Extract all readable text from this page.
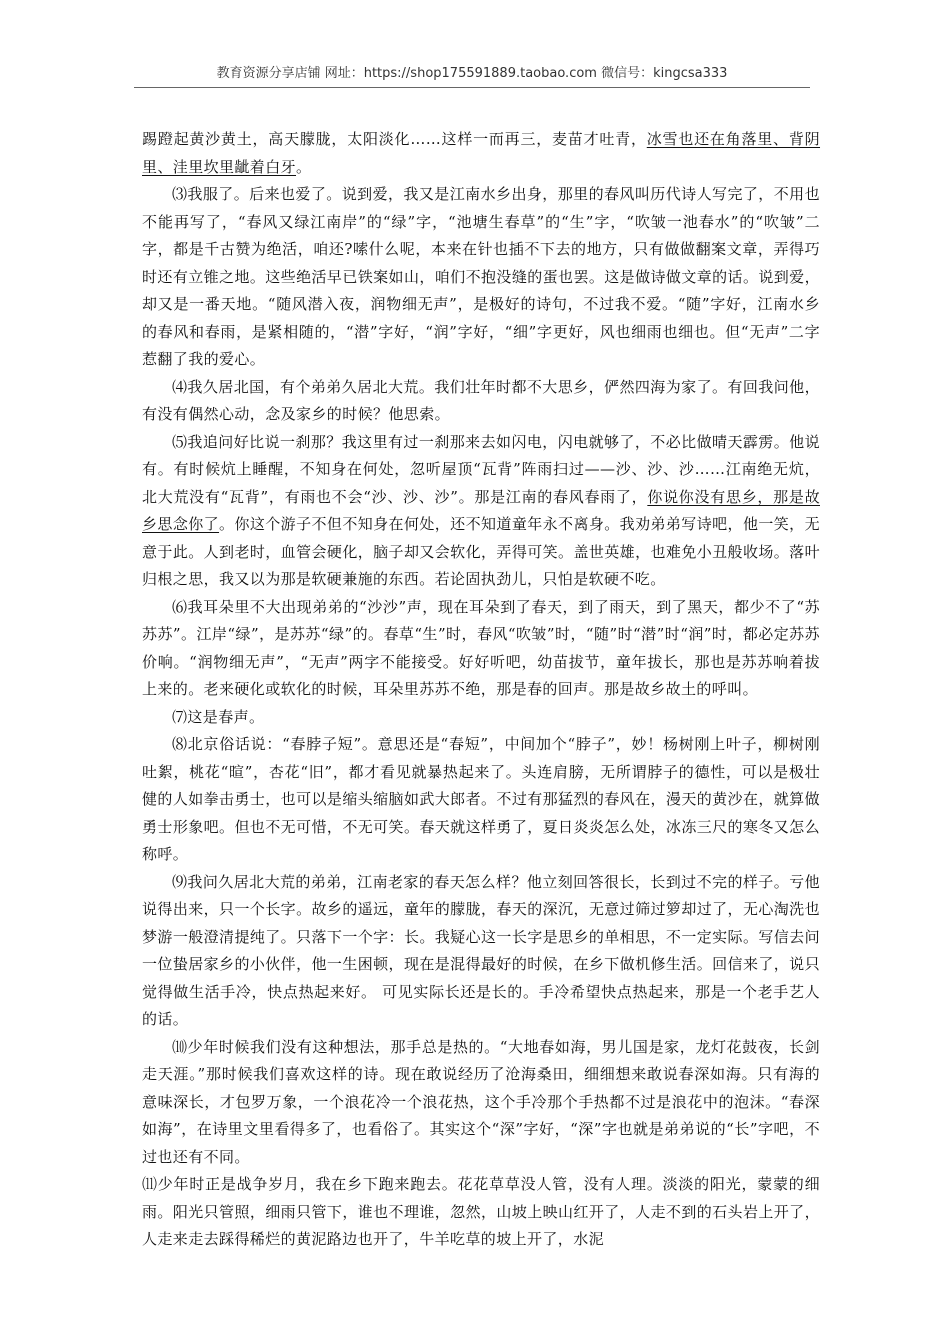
教育资源分享店铺 网址：https://shop175591889.taobao.com 微信号：kingcsa333

踢蹬起黄沙黄土，高天朦胧，太阳淡化……这样一而再三，麦苗才吐青，冰雪也还在角落里、背阴里、洼里坎里龇着白牙。

⑶我服了。后来也爱了。说到爱，我又是江南水乡出身，那里的春风叫历代诗人写完了，不用也不能再写了，“春风又绿江南岸”的“绿”字，“池塘生春草”的“生”字，“吹皱一池春水”的“吹皱”二字，都是千古赞为绝活，咱还?嗦什么呢，本来在针也插不下去的地方，只有做做翻案文章，弄得巧时还有立锥之地。这些绝活早已铁案如山，咱们不抱没缝的蛋也罢。这是做诗做文章的话。说到爱，却又是一番天地。“随风潜入夜，润物细无声”，是极好的诗句，不过我不爱。“随”字好，江南水乡的春风和春雨，是紧相随的，“潜”字好，“润”字好，“细”字更好，风也细雨也细也。但“无声”二字惹翻了我的爱心。

⑷我久居北国，有个弟弟久居北大荒。我们壮年时都不大思乡，俨然四海为家了。有回我问他，有没有偶然心动，念及家乡的时候？他思索。

⑸我追问好比说一刹那？我这里有过一刹那来去如闪电，闪电就够了，不必比做晴天霹雳。他说有。有时候炕上睡醒，不知身在何处，忽听屋顶“瓦背”阵雨扫过——沙、沙、沙……江南绝无炕，北大荒没有“瓦背”，有雨也不会“沙、沙、沙”。那是江南的春风春雨了，你说你没有思乡，那是故乡思念你了。你这个游子不但不知身在何处，还不知道童年永不离身。我劝弟弟写诗吧，他一笑，无意于此。人到老时，血管会硬化，脑子却又会软化，弄得可笑。盖世英雄，也难免小丑般收场。落叶归根之思，我又以为那是软硬兼施的东西。若论固执劲儿，只怕是软硬不吃。

⑹我耳朵里不大出现弟弟的“沙沙”声，现在耳朵到了春天，到了雨天，到了黑天，都少不了“苏苏苏”。江岸“绿”，是苏苏“绿”的。春草“生”时，春风“吹皱”时，“随”时“潜”时“润”时，都必定苏苏价响。“润物细无声”，“无声”两字不能接受。好好听吧，幼苗拔节，童年拔长，那也是苏苏响着拔上来的。老来硬化或软化的时候，耳朵里苏苏不绝，那是春的回声。那是故乡故土的呼叫。

⑺这是春声。

⑻北京俗话说：“春脖子短”。意思还是“春短”，中间加个“脖子”，妙！杨树刚上叶子，柳树刚吐絮，桃花“暄”，杏花“旧”，都才看见就暴热起来了。头连肩膀，无所谓脖子的德性，可以是极壮健的人如拳击勇士，也可以是缩头缩脑如武大郎者。不过有那猛烈的春风在，漫天的黄沙在，就算做勇士形象吧。但也不无可惜，不无可笑。春天就这样勇了，夏日炎炎怎么处，冰冻三尺的寒冬又怎么称呼。

⑼我问久居北大荒的弟弟，江南老家的春天怎么样？他立刻回答很长，长到过不完的样子。亏他说得出来，只一个长字。故乡的遥远，童年的朦胧，春天的深沉，无意过筛过箩却过了，无心淘洗也梦游一般澄清提纯了。只落下一个字：长。我疑心这一长字是思乡的单相思，不一定实际。写信去问一位蛰居家乡的小伙伴，他一生困顿，现在是混得最好的时候，在乡下做机修生活。回信来了，说只觉得做生活手冷，快点热起来好。 可见实际长还是长的。手冷希望快点热起来，那是一个老手艺人的话。

⑽少年时候我们没有这种想法，那手总是热的。“大地春如海，男儿国是家，龙灯花鼓夜，长剑走天涯。”那时候我们喜欢这样的诗。现在敢说经历了沧海桑田，细细想来敢说春深如海。只有海的意味深长，才包罗万象，一个浪花冷一个浪花热，这个手冷那个手热都不过是浪花中的泡沫。“春深如海”，在诗里文里看得多了，也看俗了。其实这个“深”字好，“深”字也就是弟弟说的“长”字吧，不过也还有不同。

⑾少年时正是战争岁月，我在乡下跑来跑去。花花草草没人管，没有人理。淡淡的阳光，蒙蒙的细雨。阳光只管照，细雨只管下，谁也不理谁，忽然，山坡上映山红开了，人走不到的石头岩上开了，人走来走去踩得稀烂的黄泥路边也开了，牛羊吃草的坡上开了，水泥
